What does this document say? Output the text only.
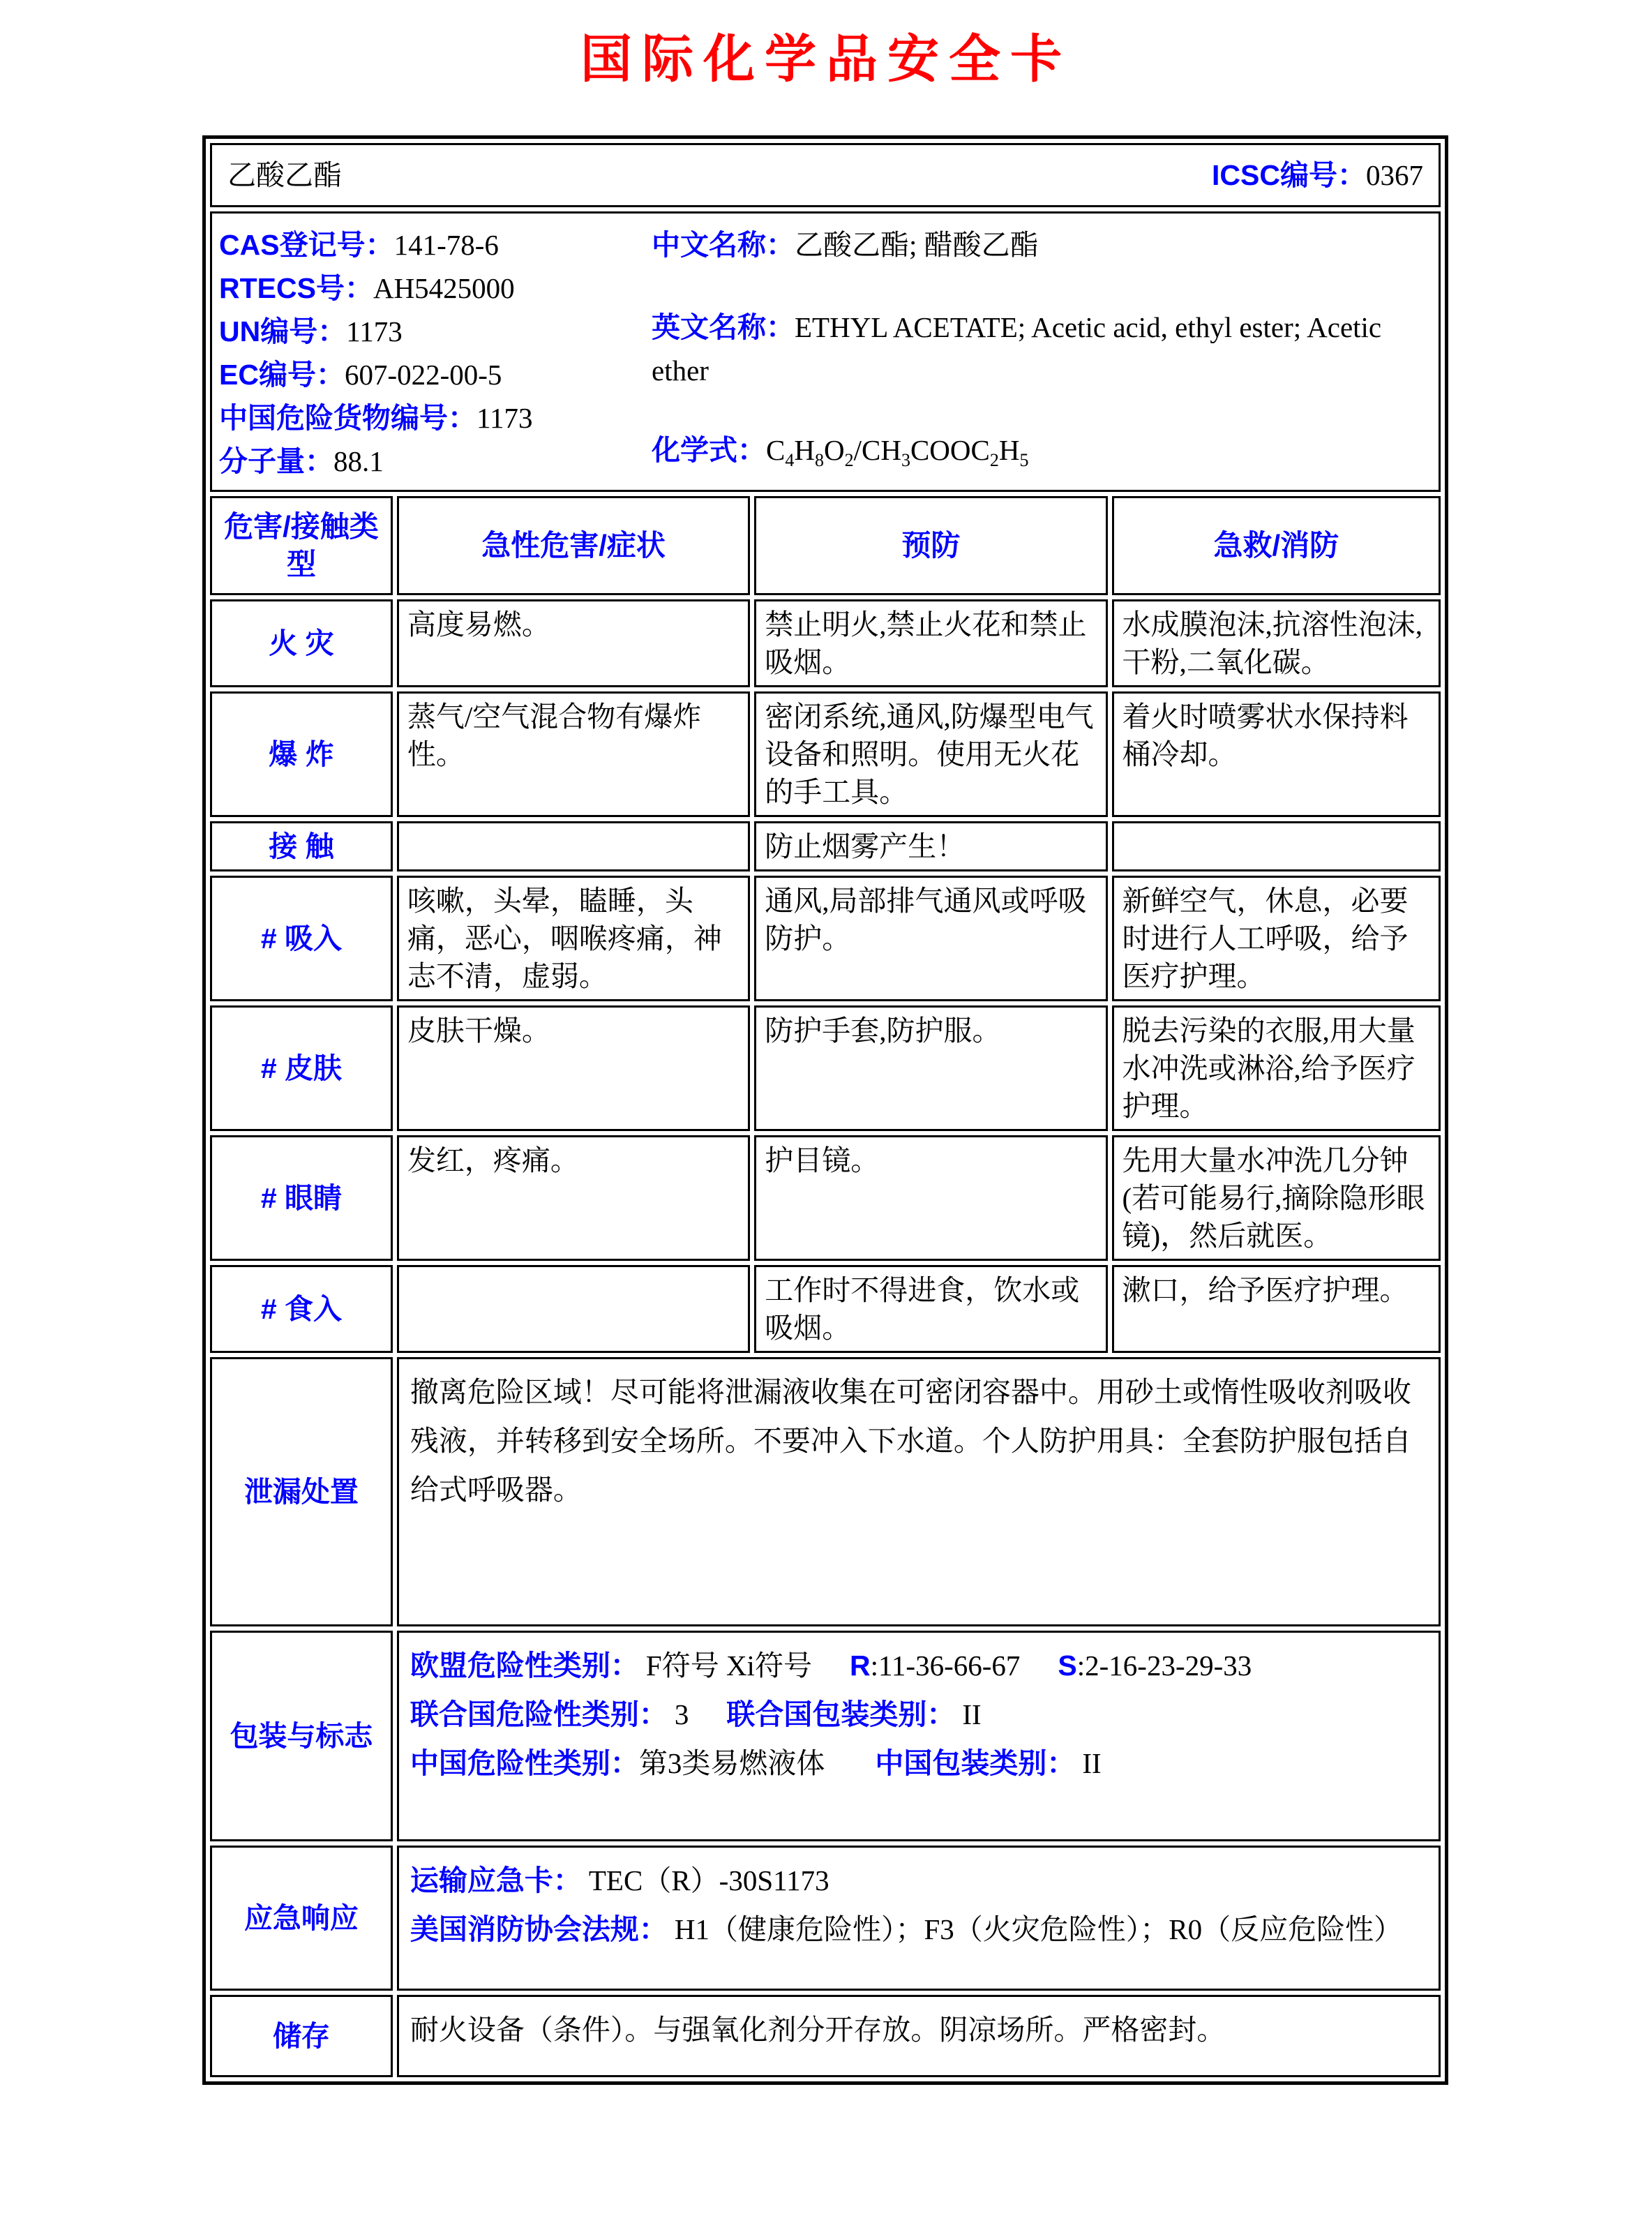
国际化学品安全卡
乙酸乙酯 ICSC编号：0367			

CAS登记号：141-78-6
RTECS号：AH5425000
UN编号：1173
EC编号：607-022-00-5
中国危险货物编号：1173
分子量：88.1
中文名称：乙酸乙酯; 醋酸乙酯
英文名称：ETHYL ACETATE; Acetic acid, ethyl ester; Acetic ether
化学式：$C_4H_8O_2/CH_3COOC_2H_5$

危害/接触类型	急性危害/症状	预防	急救/消防
火 灾	高度易燃。	禁止明火,禁止火花和禁止吸烟。	水成膜泡沫,抗溶性泡沫,干粉,二氧化碳。
爆 炸	蒸气/空气混合物有爆炸性。	密闭系统,通风,防爆型电气设备和照明。使用无火花的手工具。	着火时喷雾状水保持料桶冷却。
接 触		防止烟雾产生！	
# 吸入	咳嗽，头晕，瞌睡，头痛，恶心，咽喉疼痛，神志不清，虚弱。	通风,局部排气通风或呼吸防护。	新鲜空气，休息，必要时进行人工呼吸，给予医疗护理。
# 皮肤	皮肤干燥。	防护手套,防护服。	脱去污染的衣服,用大量水冲洗或淋浴,给予医疗护理。
# 眼睛	发红，疼痛。	护目镜。	先用大量水冲洗几分钟(若可能易行,摘除隐形眼镜)，然后就医。
# 食入		工作时不得进食，饮水或吸烟。	漱口，给予医疗护理。
泄漏处置	撤离危险区域！尽可能将泄漏液收集在可密闭容器中。用砂土或惰性吸收剂吸收残液，并转移到安全场所。不要冲入下水道。个人防护用具：全套防护服包括自给式呼吸器。		
包装与标志	欧盟危险性类别： F符号 Xi符号 R:11-36-66-67 S:2-16-23-29-33
联合国危险性类别： 3 联合国包装类别： II
中国危险性类别：第3类易燃液体 中国包装类别： II		

应急响应	运输应急卡： TEC（R）-30S1173
美国消防协会法规： H1（健康危险性）；F3（火灾危险性）；R0（反应危险性）		

储存	耐火设备（条件）。与强氧化剂分开存放。阴凉场所。严格密封。		
